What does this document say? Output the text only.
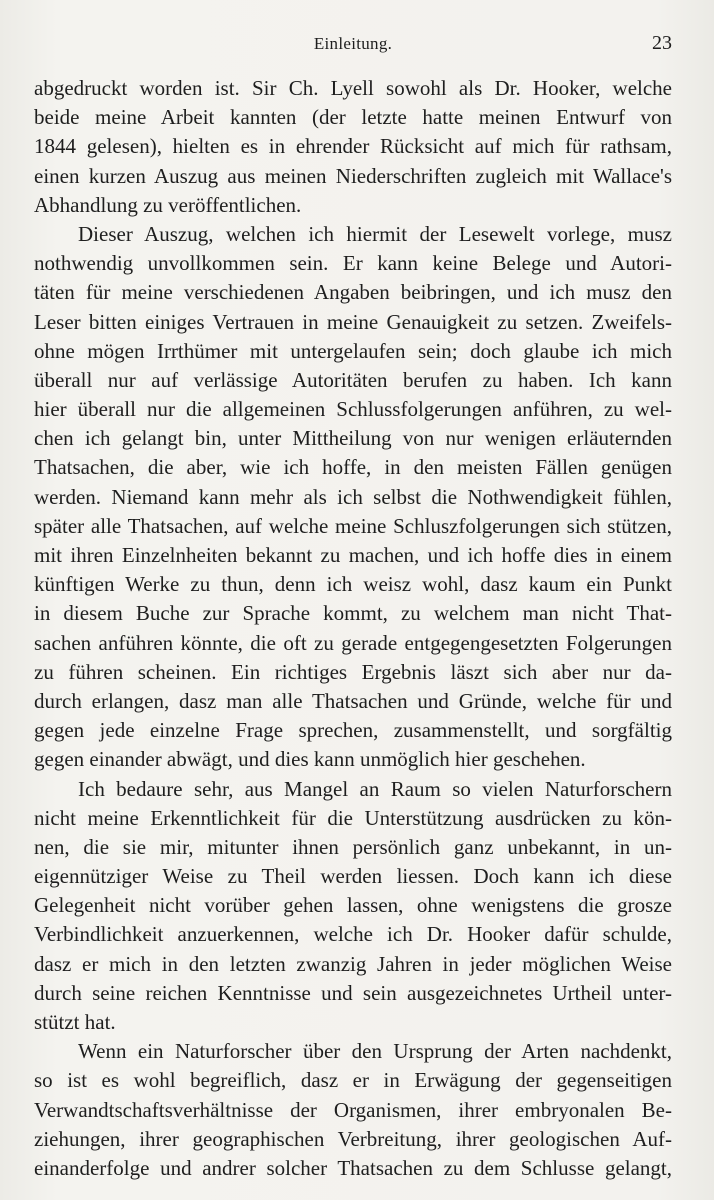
Einleitung.	23
abgedruckt worden ist. Sir Ch. Lyell sowohl als Dr. Hooker, welche
beide meine Arbeit kannten (der letzte hatte meinen Entwurf von
1844 gelesen), hielten es in ehrender Rücksicht auf mich für rathsam,
einen kurzen Auszug aus meinen Niederschriften zugleich mit Wallace's
Abhandlung zu veröffentlichen.
Dieser Auszug, welchen ich hiermit der Lesewelt vorlege, musz
nothwendig unvollkommen sein. Er kann keine Belege und Autori-
täten für meine verschiedenen Angaben beibringen, und ich musz den
Leser bitten einiges Vertrauen in meine Genauigkeit zu setzen. Zweifels-
ohne mögen Irrthümer mit untergelaufen sein; doch glaube ich mich
überall nur auf verlässige Autoritäten berufen zu haben. Ich kann
hier überall nur die allgemeinen Schlussfolgerungen anführen, zu wel-
chen ich gelangt bin, unter Mittheilung von nur wenigen erläuternden
Thatsachen, die aber, wie ich hoffe, in den meisten Fällen genügen
werden. Niemand kann mehr als ich selbst die Nothwendigkeit fühlen,
später alle Thatsachen, auf welche meine Schluszfolgerungen sich stützen,
mit ihren Einzelnheiten bekannt zu machen, und ich hoffe dies in einem
künftigen Werke zu thun, denn ich weisz wohl, dasz kaum ein Punkt
in diesem Buche zur Sprache kommt, zu welchem man nicht That-
sachen anführen könnte, die oft zu gerade entgegengesetzten Folgerungen
zu führen scheinen. Ein richtiges Ergebnis läszt sich aber nur da-
durch erlangen, dasz man alle Thatsachen und Gründe, welche für und
gegen jede einzelne Frage sprechen, zusammenstellt, und sorgfältig
gegen einander abwägt, und dies kann unmöglich hier geschehen.
Ich bedaure sehr, aus Mangel an Raum so vielen Naturforschern
nicht meine Erkenntlichkeit für die Unterstützung ausdrücken zu kön-
nen, die sie mir, mitunter ihnen persönlich ganz unbekannt, in un-
eigennütziger Weise zu Theil werden liessen. Doch kann ich diese
Gelegenheit nicht vorüber gehen lassen, ohne wenigstens die grosze
Verbindlichkeit anzuerkennen, welche ich Dr. Hooker dafür schulde,
dasz er mich in den letzten zwanzig Jahren in jeder möglichen Weise
durch seine reichen Kenntnisse und sein ausgezeichnetes Urtheil unter-
stützt hat.
Wenn ein Naturforscher über den Ursprung der Arten nachdenkt,
so ist es wohl begreiflich, dasz er in Erwägung der gegenseitigen
Verwandtschaftsverhältnisse der Organismen, ihrer embryonalen Be-
ziehungen, ihrer geographischen Verbreitung, ihrer geologischen Auf-
einanderfolge und andrer solcher Thatsachen zu dem Schlusse gelangt,
